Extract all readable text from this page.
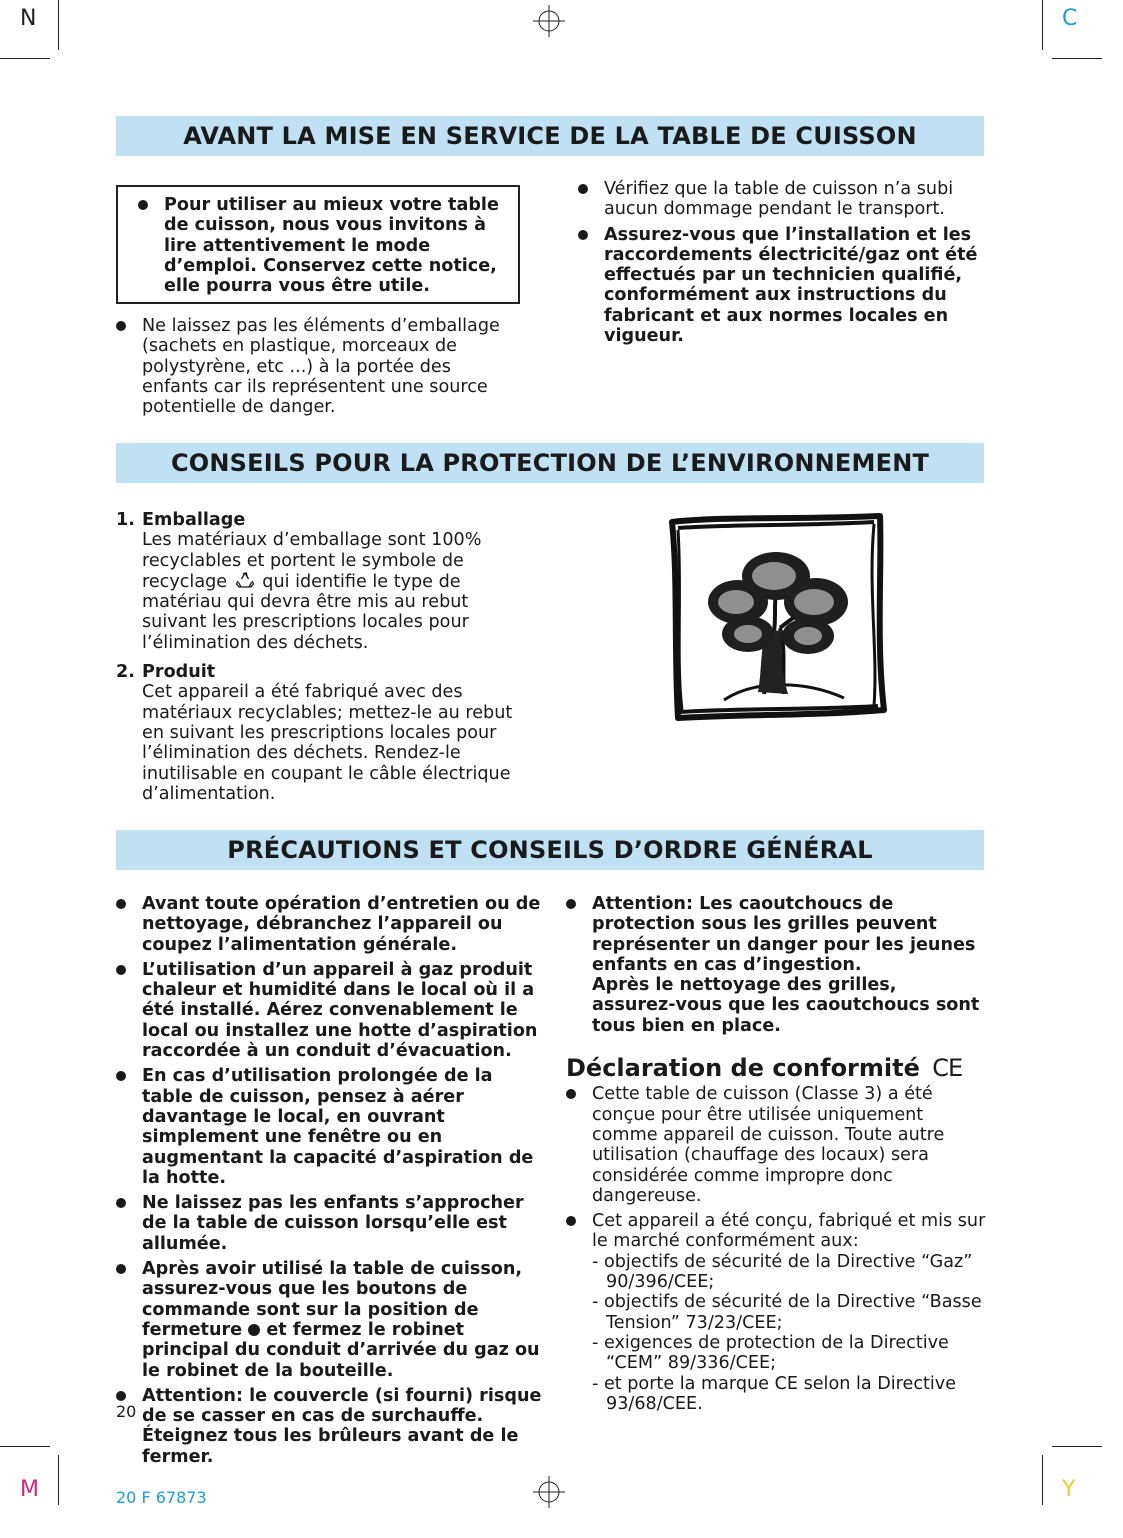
N	C
M	Y
AVANT LA MISE EN SERVICE DE LA TABLE DE CUISSON
Pour utiliser au mieux votre table de cuisson, nous vous invitons à lire attentivement le mode d’emploi. Conservez cette notice, elle pourra vous être utile.
Ne laissez pas les éléments d’emballage (sachets en plastique, morceaux de polystyrène, etc ...) à la portée des enfants car ils représentent une source potentielle de danger.
Vérifiez que la table de cuisson n’a subi aucun dommage pendant le transport.
Assurez-vous que l’installation et les raccordements électricité/gaz ont été effectués par un technicien qualifié, conformément aux instructions du fabricant et aux normes locales en vigueur.
CONSEILS POUR LA PROTECTION DE L’ENVIRONNEMENT
1. Emballage
Les matériaux d’emballage sont 100% recyclables et portent le symbole de recyclage qui identifie le type de matériau qui devra être mis au rebut suivant les prescriptions locales pour l’élimination des déchets.
2. Produit
Cet appareil a été fabriqué avec des matériaux recyclables; mettez-le au rebut en suivant les prescriptions locales pour l’élimination des déchets. Rendez-le inutilisable en coupant le câble électrique d’alimentation.
PRÉCAUTIONS ET CONSEILS D’ORDRE GÉNÉRAL
Avant toute opération d’entretien ou de nettoyage, débranchez l’appareil ou coupez l’alimentation générale.
L’utilisation d’un appareil à gaz produit chaleur et humidité dans le local où il a été installé. Aérez convenablement le local ou installez une hotte d’aspiration raccordée à un conduit d’évacuation.
En cas d’utilisation prolongée de la table de cuisson, pensez à aérer davantage le local, en ouvrant simplement une fenêtre ou en augmentant la capacité d’aspiration de la hotte.
Ne laissez pas les enfants s’approcher de la table de cuisson lorsqu’elle est allumée.
Après avoir utilisé la table de cuisson, assurez-vous que les boutons de commande sont sur la position de fermeture et fermez le robinet principal du conduit d’arrivée du gaz ou le robinet de la bouteille.
Attention: le couvercle (si fourni) risque de se casser en cas de surchauffe. Éteignez tous les brûleurs avant de le fermer.
Attention: Les caoutchoucs de protection sous les grilles peuvent représenter un danger pour les jeunes enfants en cas d’ingestion.
Après le nettoyage des grilles, assurez-vous que les caoutchoucs sont tous bien en place.
Déclaration de conformité CE
Cette table de cuisson (Classe 3) a été conçue pour être utilisée uniquement comme appareil de cuisson. Toute autre utilisation (chauffage des locaux) sera considérée comme impropre donc dangereuse.
Cet appareil a été conçu, fabriqué et mis sur le marché conformément aux:
- objectifs de sécurité de la Directive “Gaz” 90/396/CEE;
- objectifs de sécurité de la Directive “Basse Tension” 73/23/CEE;
- exigences de protection de la Directive “CEM” 89/336/CEE;
- et porte la marque CE selon la Directive 93/68/CEE.
20
20 F 67873
